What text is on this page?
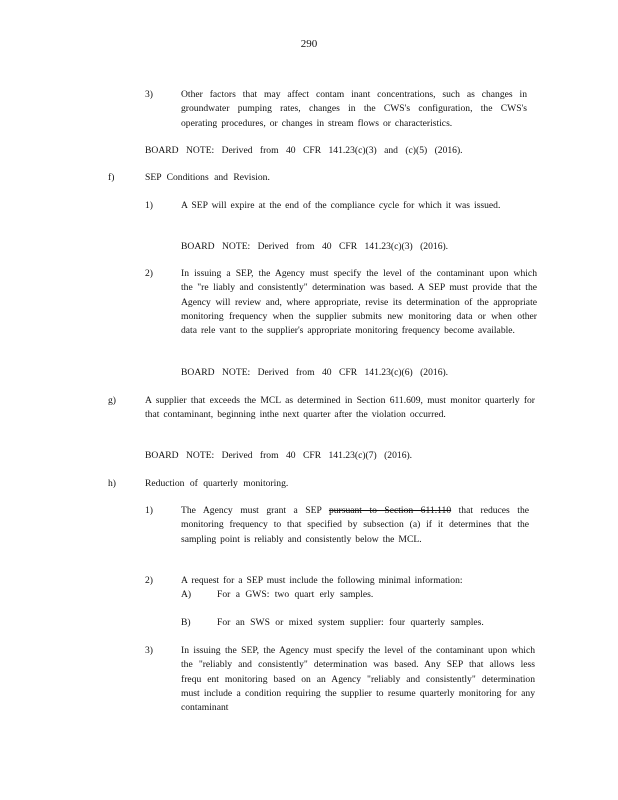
290
3)	Other factors that may affect contam inant concentrations, such as changes in groundwater pumping rates, changes in the CWS's configuration, the CWS's operating procedures, or changes in stream flows or characteristics.
BOARD NOTE: Derived from 40 CFR 141.23(c)(3) and (c)(5) (2016).
f)	SEP Conditions and Revision.
1)	A SEP will expire at the end of the compliance cycle for which it was issued.
BOARD NOTE: Derived from 40 CFR 141.23(c)(3) (2016).
2)	In issuing a SEP, the Agency must specify the level of the contaminant upon which the "re liably and consistently" determination was based. A SEP must provide that the Agency will review and, where appropriate, revise its determination of the appropriate monitoring frequency when the supplier submits new monitoring data or when other data rele vant to the supplier's appropriate monitoring frequency become available.
BOARD NOTE: Derived from 40 CFR 141.23(c)(6) (2016).
g)	A supplier that exceeds the MCL as determined in Section 611.609, must monitor quarterly for that contaminant, beginning inthe next quarter after the violation occurred.
BOARD NOTE: Derived from 40 CFR 141.23(c)(7) (2016).
h)	Reduction of quarterly monitoring.
1)	The Agency must grant a SEP pursuant to Section 611.110 that reduces the monitoring frequency to that specified by subsection (a) if it determines that the sampling point is reliably and consistently below the MCL.
2)	A request for a SEP must include the following minimal information:
A)	For a GWS: two quart erly samples.
B)	For an SWS or mixed system supplier: four quarterly samples.
3)	In issuing the SEP, the Agency must specify the level of the contaminant upon which the "reliably and consistently" determination was based. Any SEP that allows less frequ ent monitoring based on an Agency "reliably and consistently" determination must include a condition requiring the supplier to resume quarterly monitoring for any contaminant
